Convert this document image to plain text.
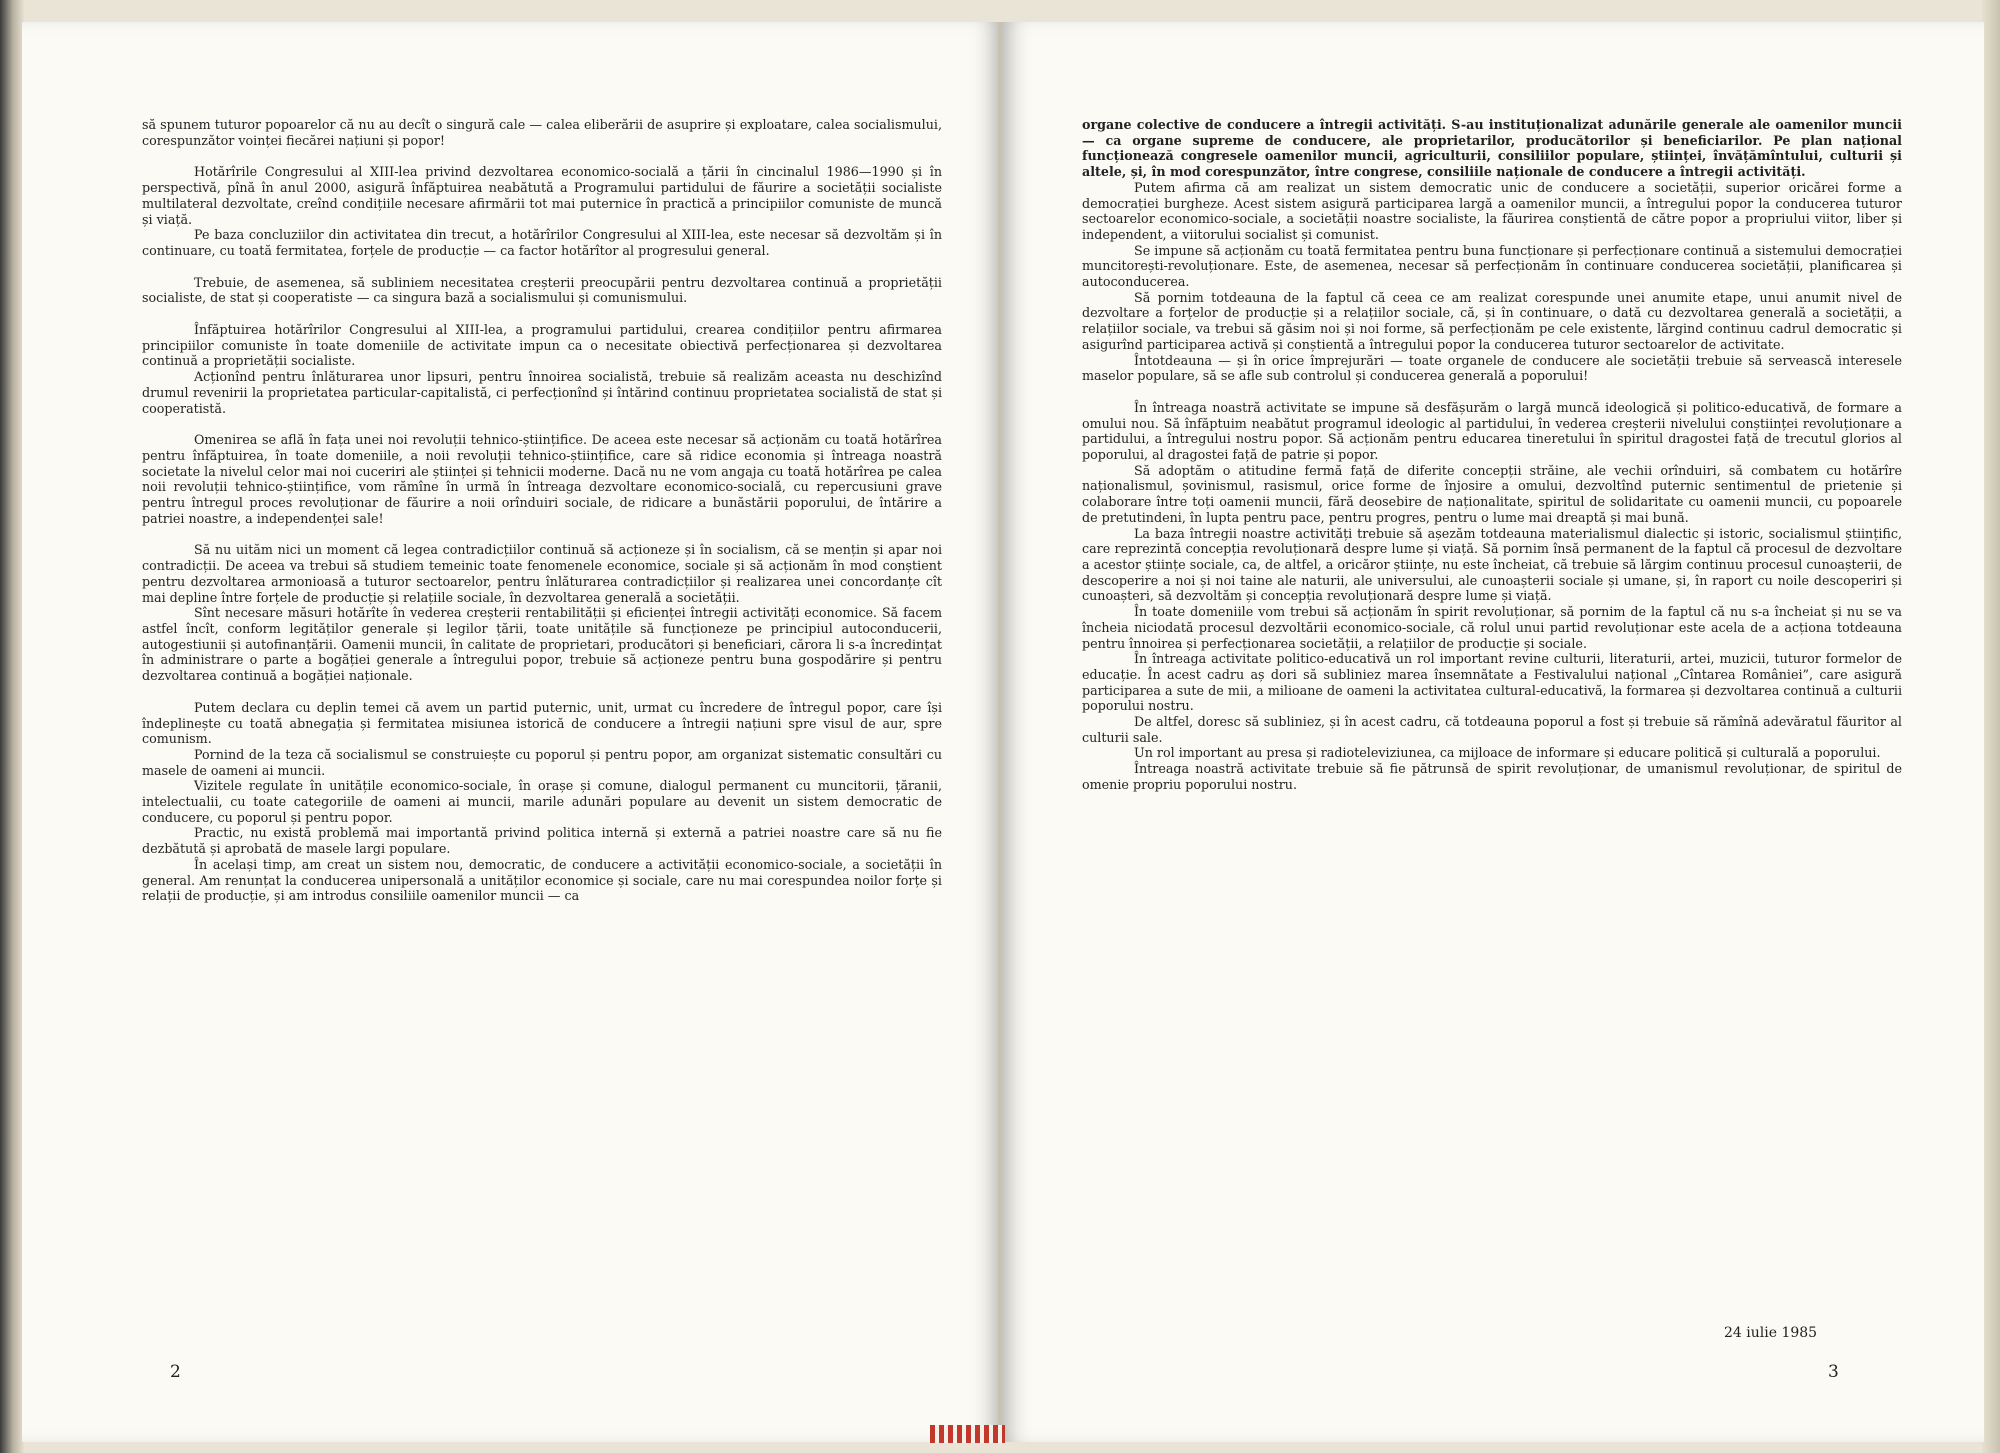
să spunem tuturor popoarelor că nu au decît o singură cale — calea eliberării de asuprire și exploatare, calea socialismului, corespunzător voinței fiecărei națiuni și popor!

Hotărîrile Congresului al XIII-lea privind dezvoltarea economico-socială a țării în cincinalul 1986—1990 și în perspectivă, pînă în anul 2000, asigură înfăptuirea neabătută a Programului partidului de făurire a societății socialiste multilateral dezvoltate, creînd condițiile necesare afirmării tot mai puternice în practică a principiilor comuniste de muncă și viață.

Pe baza concluziilor din activitatea din trecut, a hotărîrilor Congresului al XIII-lea, este necesar să dezvoltăm și în continuare, cu toată fermitatea, forțele de producție — ca factor hotărîtor al progresului general.

Trebuie, de asemenea, să subliniem necesitatea creșterii preocupării pentru dezvoltarea continuă a proprietății socialiste, de stat și cooperatiste — ca singura bază a socialismului și comunismului.

Înfăptuirea hotărîrilor Congresului al XIII-lea, a programului partidului, crearea condițiilor pentru afirmarea principiilor comuniste în toate domeniile de activitate impun ca o necesitate obiectivă perfecționarea și dezvoltarea continuă a proprietății socialiste.

Acționînd pentru înlăturarea unor lipsuri, pentru înnoirea socialistă, trebuie să realizăm aceasta nu deschizînd drumul revenirii la proprietatea particular-capitalistă, ci perfecționînd și întărind continuu proprietatea socialistă de stat și cooperatistă.

Omenirea se află în fața unei noi revoluții tehnico-științifice. De aceea este necesar să acționăm cu toată hotărîrea pentru înfăptuirea, în toate domeniile, a noii revoluții tehnico-științifice, care să ridice economia și întreaga noastră societate la nivelul celor mai noi cuceriri ale științei și tehnicii moderne. Dacă nu ne vom angaja cu toată hotărîrea pe calea noii revoluții tehnico-științifice, vom rămîne în urmă în întreaga dezvoltare economico-socială, cu repercusiuni grave pentru întregul proces revoluționar de făurire a noii orînduiri sociale, de ridicare a bunăstării poporului, de întărire a patriei noastre, a independenței sale!

Să nu uităm nici un moment că legea contradicțiilor continuă să acționeze și în socialism, că se mențin și apar noi contradicții. De aceea va trebui să studiem temeinic toate fenomenele economice, sociale și să acționăm în mod conștient pentru dezvoltarea armonioasă a tuturor sectoarelor, pentru înlăturarea contradicțiilor și realizarea unei concordanțe cît mai depline între forțele de producție și relațiile sociale, în dezvoltarea generală a societății.

Sînt necesare măsuri hotărîte în vederea creșterii rentabilității și eficienței întregii activități economice. Să facem astfel încît, conform legităților generale și legilor țării, toate unitățile să funcționeze pe principiul autoconducerii, autogestiunii și autofinanțării. Oamenii muncii, în calitate de proprietari, producători și beneficiari, cărora li s-a încredințat în administrare o parte a bogăției generale a întregului popor, trebuie să acționeze pentru buna gospodărire și pentru dezvoltarea continuă a bogăției naționale.

Putem declara cu deplin temei că avem un partid puternic, unit, urmat cu încredere de întregul popor, care își îndeplinește cu toată abnegația și fermitatea misiunea istorică de conducere a întregii națiuni spre visul de aur, spre comunism.

Pornind de la teza că socialismul se construiește cu poporul și pentru popor, am organizat sistematic consultări cu masele de oameni ai muncii.

Vizitele regulate în unitățile economico-sociale, în orașe și comune, dialogul permanent cu muncitorii, țăranii, intelectualii, cu toate categoriile de oameni ai muncii, marile adunări populare au devenit un sistem democratic de conducere, cu poporul și pentru popor.

Practic, nu există problemă mai importantă privind politica internă și externă a patriei noastre care să nu fie dezbătută și aprobată de masele largi populare.

În același timp, am creat un sistem nou, democratic, de conducere a activității economico-sociale, a societății în general. Am renunțat la conducerea unipersonală a unităților economice și sociale, care nu mai corespundea noilor forțe și relații de producție, și am introdus consiliile oamenilor muncii — ca

2

organe colective de conducere a întregii activități. S-au instituționalizat adunările generale ale oamenilor muncii — ca organe supreme de conducere, ale proprietarilor, producătorilor și beneficiarilor. Pe plan național funcționează congresele oamenilor muncii, agriculturii, consiliilor populare, științei, învățămîntului, culturii și altele, și, în mod corespunzător, între congrese, consiliile naționale de conducere a întregii activități.

Putem afirma că am realizat un sistem democratic unic de conducere a societății, superior oricărei forme a democrației burgheze. Acest sistem asigură participarea largă a oamenilor muncii, a întregului popor la conducerea tuturor sectoarelor economico-sociale, a societății noastre socialiste, la făurirea conștientă de către popor a propriului viitor, liber și independent, a viitorului socialist și comunist.

Se impune să acționăm cu toată fermitatea pentru buna funcționare și perfecționare continuă a sistemului democrației muncitorești-revoluționare. Este, de asemenea, necesar să perfecționăm în continuare conducerea societății, planificarea și autoconducerea.

Să pornim totdeauna de la faptul că ceea ce am realizat corespunde unei anumite etape, unui anumit nivel de dezvoltare a forțelor de producție și a relațiilor sociale, că, și în continuare, o dată cu dezvoltarea generală a societății, a relațiilor sociale, va trebui să găsim noi și noi forme, să perfecționăm pe cele existente, lărgind continuu cadrul democratic și asigurînd participarea activă și conștientă a întregului popor la conducerea tuturor sectoarelor de activitate.

Întotdeauna — și în orice împrejurări — toate organele de conducere ale societății trebuie să servească interesele maselor populare, să se afle sub controlul și conducerea generală a poporului!

În întreaga noastră activitate se impune să desfășurăm o largă muncă ideologică și politico-educativă, de formare a omului nou. Să înfăptuim neabătut programul ideologic al partidului, în vederea creșterii nivelului conștiinței revoluționare a partidului, a întregului nostru popor. Să acționăm pentru educarea tineretului în spiritul dragostei față de trecutul glorios al poporului, al dragostei față de patrie și popor.

Să adoptăm o atitudine fermă față de diferite concepții străine, ale vechii orînduiri, să combatem cu hotărîre naționalismul, șovinismul, rasismul, orice forme de înjosire a omului, dezvoltînd puternic sentimentul de prietenie și colaborare între toți oamenii muncii, fără deosebire de naționalitate, spiritul de solidaritate cu oamenii muncii, cu popoarele de pretutindeni, în lupta pentru pace, pentru progres, pentru o lume mai dreaptă și mai bună.

La baza întregii noastre activități trebuie să așezăm totdeauna materialismul dialectic și istoric, socialismul științific, care reprezintă concepția revoluționară despre lume și viață. Să pornim însă permanent de la faptul că procesul de dezvoltare a acestor științe sociale, ca, de altfel, a oricăror științe, nu este încheiat, că trebuie să lărgim continuu procesul cunoașterii, de descoperire a noi și noi taine ale naturii, ale universului, ale cunoașterii sociale și umane, și, în raport cu noile descoperiri și cunoașteri, să dezvoltăm și concepția revoluționară despre lume și viață.

În toate domeniile vom trebui să acționăm în spirit revoluționar, să pornim de la faptul că nu s-a încheiat și nu se va încheia niciodată procesul dezvoltării economico-sociale, că rolul unui partid revoluționar este acela de a acționa totdeauna pentru înnoirea și perfecționarea societății, a relațiilor de producție și sociale.

În întreaga activitate politico-educativă un rol important revine culturii, literaturii, artei, muzicii, tuturor formelor de educație. În acest cadru aș dori să subliniez marea însemnătate a Festivalului național „Cîntarea României”, care asigură participarea a sute de mii, a milioane de oameni la activitatea cultural-educativă, la formarea și dezvoltarea continuă a culturii poporului nostru.

De altfel, doresc să subliniez, și în acest cadru, că totdeauna poporul a fost și trebuie să rămînă adevăratul făuritor al culturii sale.

Un rol important au presa și radioteleviziunea, ca mijloace de informare și educare politică și culturală a poporului.

Întreaga noastră activitate trebuie să fie pătrunsă de spirit revoluționar, de umanismul revoluționar, de spiritul de omenie propriu poporului nostru.

24 iulie 1985
3
